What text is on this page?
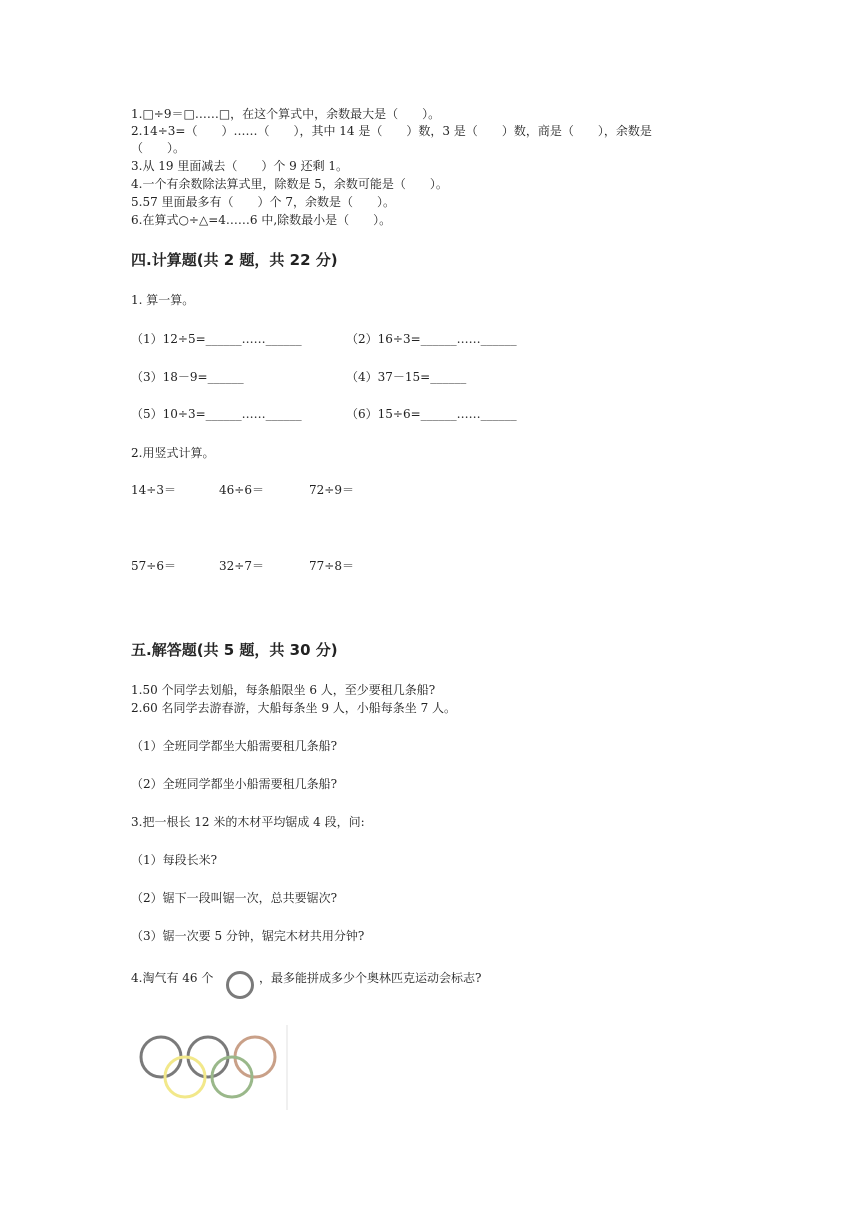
1.□÷9＝□……□，在这个算式中，余数最大是（　　）。
2.14÷3=（　　）……（　　），其中 14 是（　　）数，3 是（　　）数，商是（　　），余数是
（　　）。
3.从 19 里面减去（　　）个 9 还剩 1。
4.一个有余数除法算式里，除数是 5，余数可能是（　　）。
5.57 里面最多有（　　）个 7，余数是（　　）。
6.在算式○÷△=4……6 中,除数最小是（　　）。
四.计算题(共 2 题，共 22 分)
1. 算一算。
（1）12÷5=______……______	（2）16÷3=______……______
（3）18－9=______	（4）37－15=______
（5）10÷3=______……______	（6）15÷6=______……______
2.用竖式计算。
14÷3＝	46÷6＝	72÷9＝
57÷6＝	32÷7＝	77÷8＝
五.解答题(共 5 题，共 30 分)
1.50 个同学去划船，每条船限坐 6 人，至少要租几条船?
2.60 名同学去游春游，大船每条坐 9 人，小船每条坐 7 人。
（1）全班同学都坐大船需要租几条船?
（2）全班同学都坐小船需要租几条船?
3.把一根长 12 米的木材平均锯成 4 段，问:
（1）每段长米?
（2）锯下一段叫锯一次，总共要锯次?
（3）锯一次要 5 分钟，锯完木材共用分钟?
4.淘气有 46 个	，最多能拼成多少个奥林匹克运动会标志?
